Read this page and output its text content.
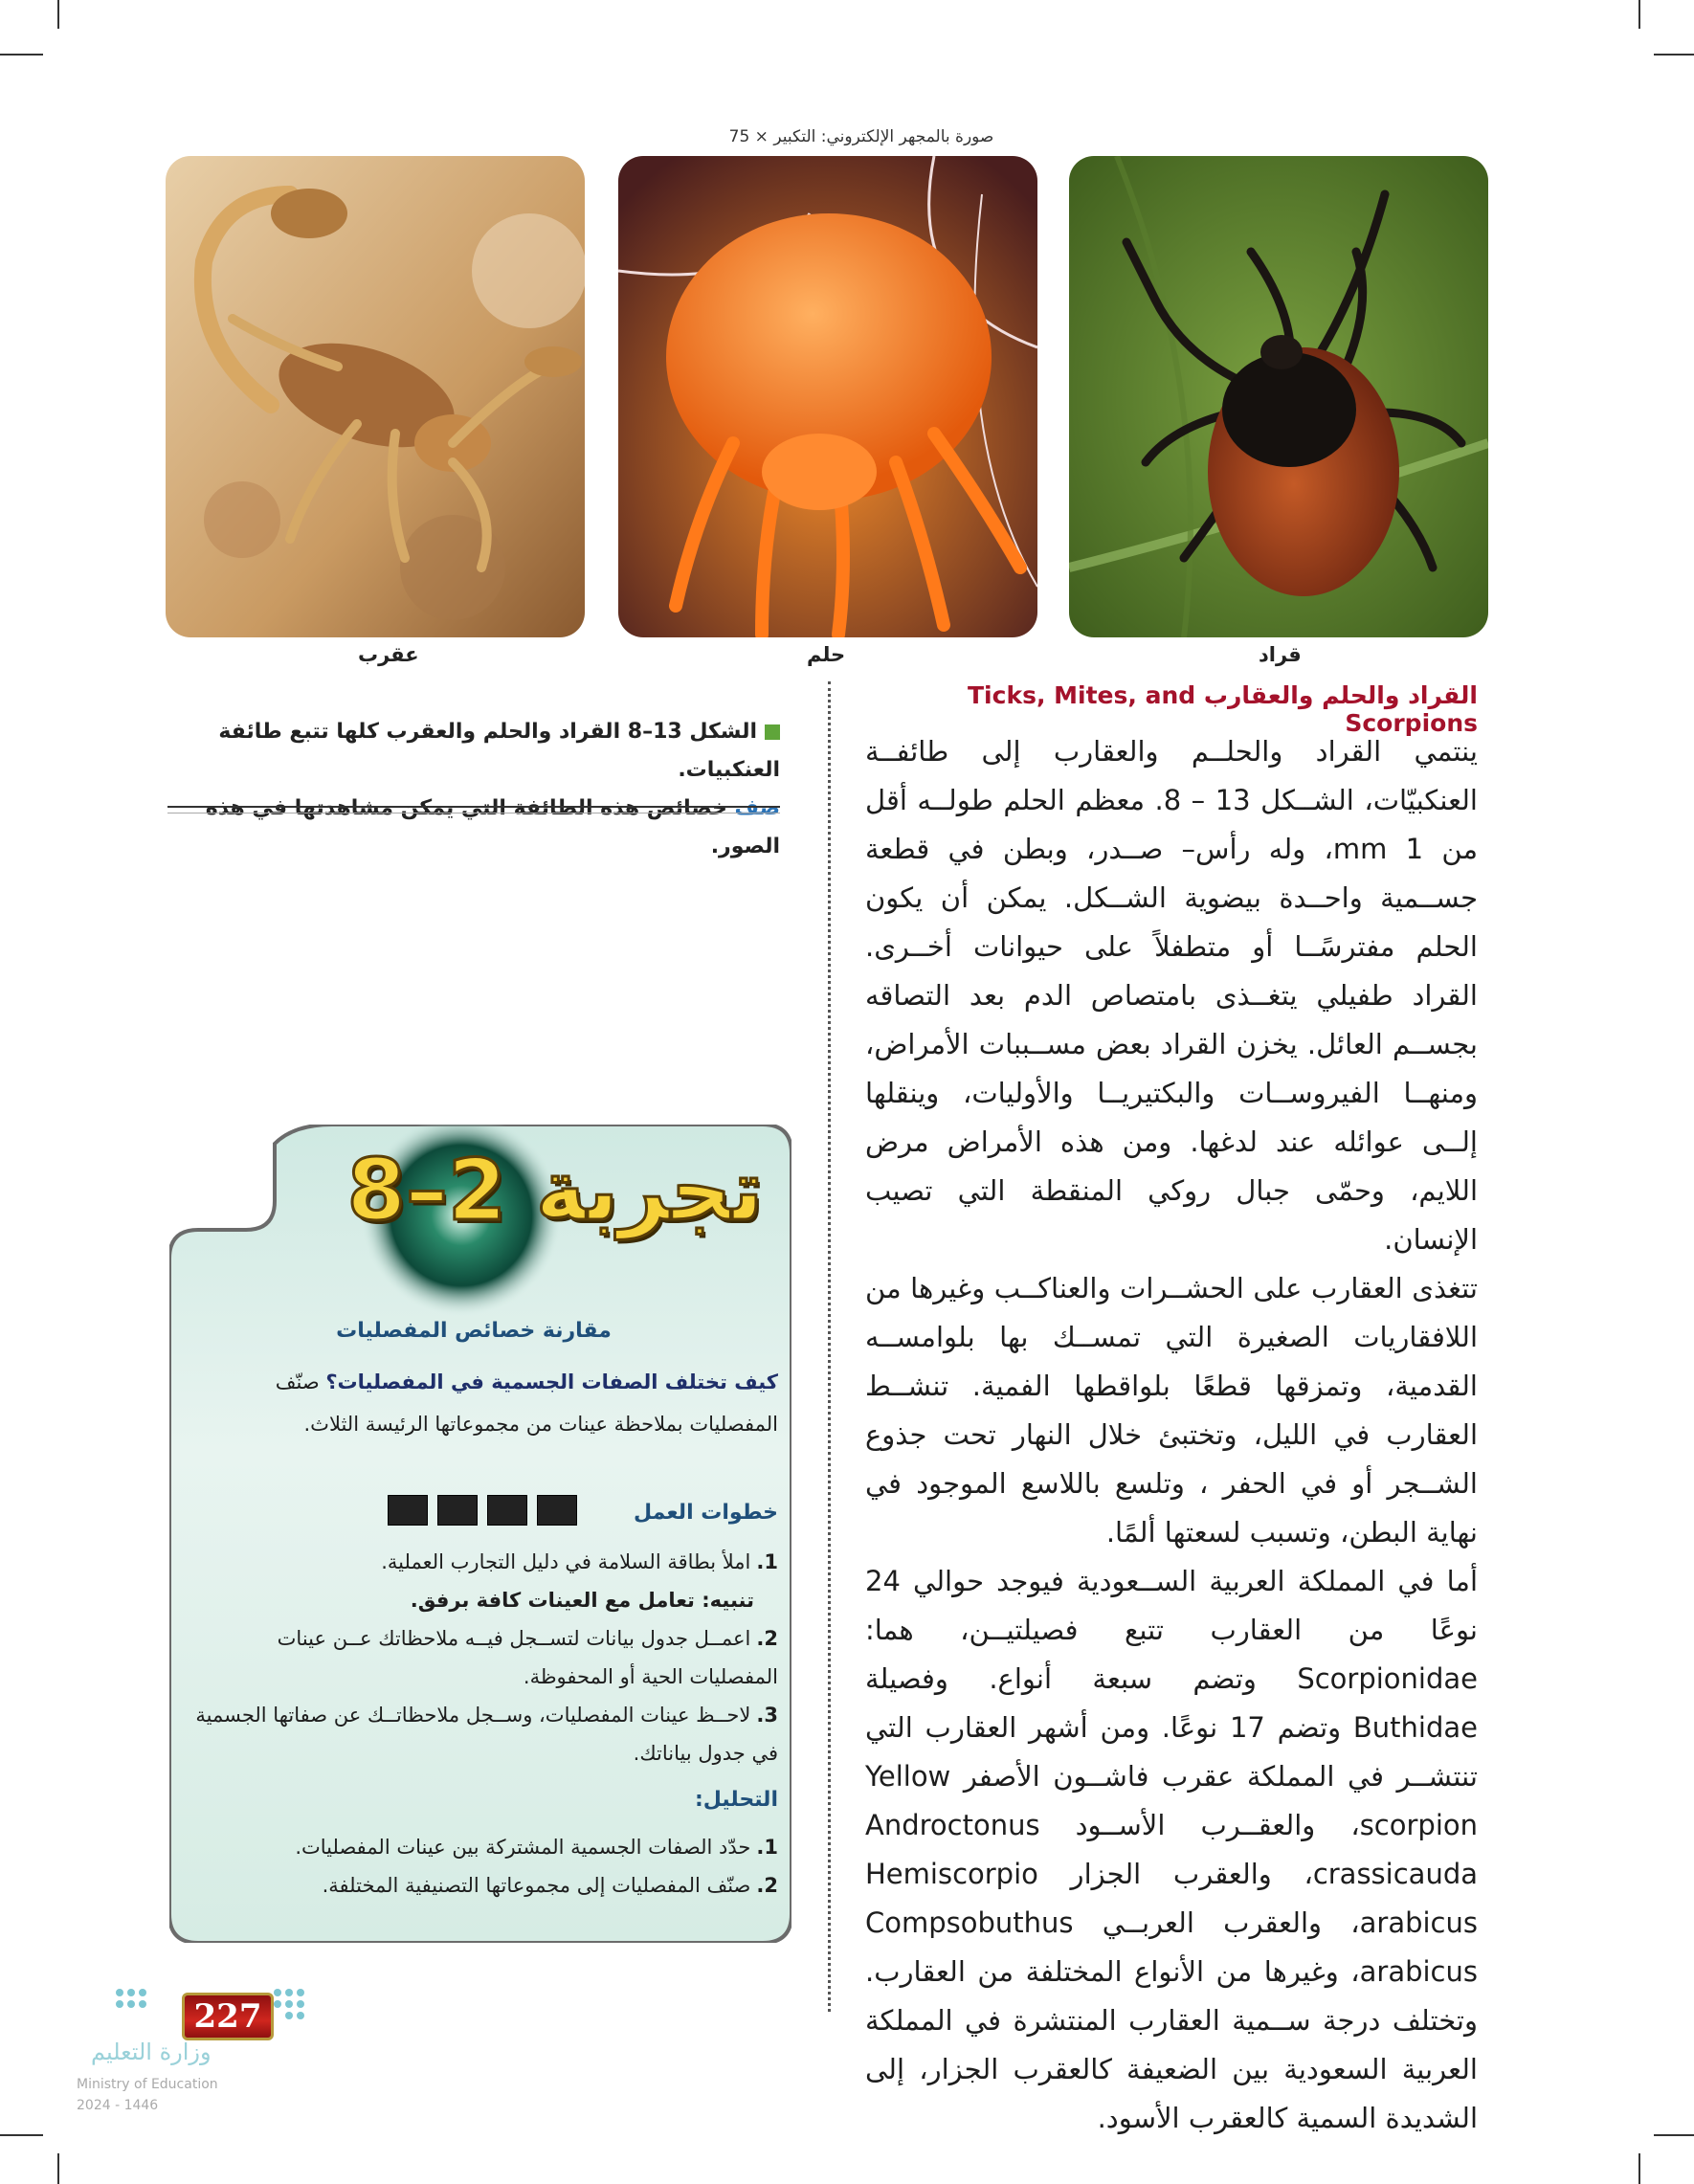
صورة بالمجهر الإلكتروني: التكبير × 75
قراد
حلم
عقرب
القراد والحلم والعقارب Ticks, Mites, and Scorpions

ينتمي القراد والحلــم والعقارب إلى طائفــة العنكبيّات، الشــكل 13 – 8. معظم الحلم طولــه أقل من 1 mm، وله رأس– صــدر، وبطن في قطعة جســمية واحــدة بيضوية الشــكل. يمكن أن يكون الحلم مفترسًــا أو متطفلاً على حيوانات أخــرى. القراد طفيلي يتغــذى بامتصاص الدم بعد التصاقه بجســم العائل. يخزن القراد بعض مســببات الأمراض، ومنهــا الفيروســات والبكتيريــا والأوليات، وينقلها إلــى عوائله عند لدغها. ومن هذه الأمراض مرض اللايم، وحمّى جبال روكي المنقطة التي تصيب الإنسان.

تتغذى العقارب على الحشــرات والعناكــب وغيرها من اللافقاريات الصغيرة التي تمســك بها بلوامســه القدمية، وتمزقها قطعًا بلواقطها الفمية. تنشــط العقارب في الليل، وتختبئ خلال النهار تحت جذوع الشــجر أو في الحفر ، وتلسع باللاسع الموجود في نهاية البطن، وتسبب لسعتها ألمًا.

أما في المملكة العربية الســعودية فيوجد حوالي 24 نوعًا من العقارب تتبع فصيلتيــن، هما: Scorpionidae وتضم سبعة أنواع. وفصيلة Buthidae وتضم 17 نوعًا. ومن أشهر العقارب التي تنتشــر في المملكة عقرب فاشــون الأصفر Yellow scorpion، والعقــرب الأســود Androctonus crassicauda، والعقرب الجزار Hemiscorpio arabicus، والعقرب العربــي Compsobuthus arabicus، وغيرها من الأنواع المختلفة من العقارب. وتختلف درجة ســمية العقارب المنتشرة في المملكة العربية السعودية بين الضعيفة كالعقرب الجزار، إلى الشديدة السمية كالعقرب الأسود.

الشكل 13–8 القراد والحلم والعقرب كلها تتبع طائفة العنكبيات.
صف خصائص هذه الطائفة التي يمكن مشاهدتها في هذه الصور.
تجربة 2–8
مقارنة خصائص المفصليات
كيف تختلف الصفات الجسمية في المفصليات؟ صنّف المفصليات بملاحظة عينات من مجموعاتها الرئيسة الثلاث.
خطوات العمل
1.املأ بطاقة السلامة في دليل التجارب العملية.
تنبيه: تعامل مع العينات كافة برفق.
2.اعمــل جدول بيانات لتســجل فيــه ملاحظاتك عــن عينات المفصليات الحية أو المحفوظة.
3.لاحــظ عينات المفصليات، وســجل ملاحظاتــك عن صفاتها الجسمية في جدول بياناتك.
التحليل:
1.حدّد الصفات الجسمية المشتركة بين عينات المفصليات.
2.صنّف المفصليات إلى مجموعاتها التصنيفية المختلفة.
227
وزارة التعليم
Ministry of Education
2024 - 1446
